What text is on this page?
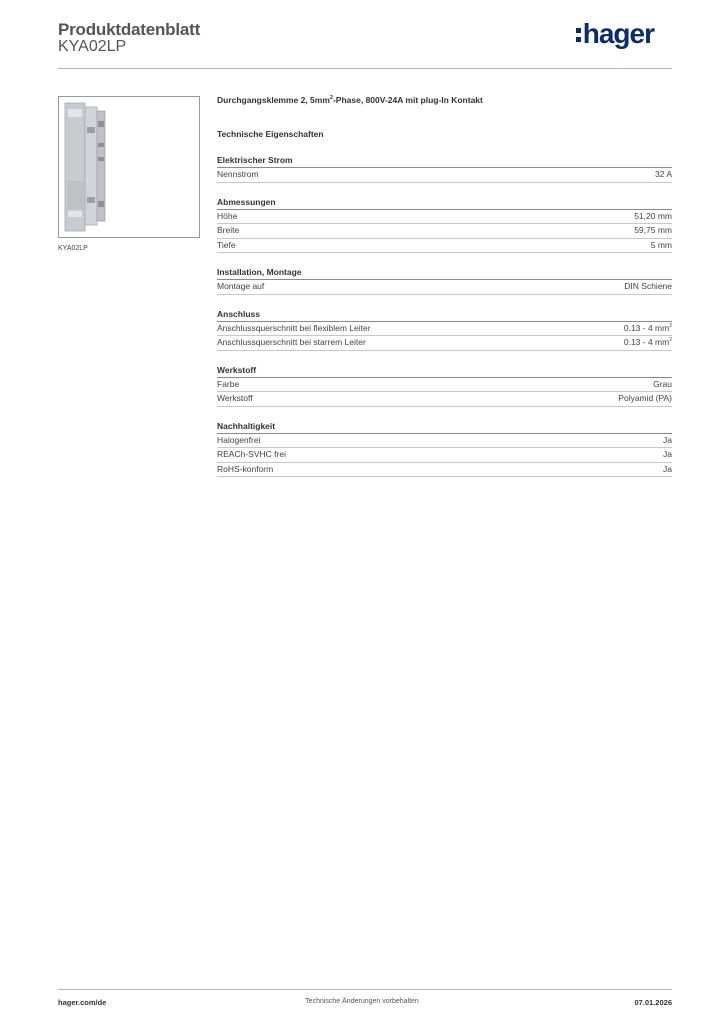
Produktdatenblatt
KYA02LP	hager
KYA02LP
Durchgangsklemme 2, $5mm^2$-Phase, 800V-24A mit plug-In Kontakt
Technische Eigenschaften
Elektrischer Strom
Nennstrom	32 A
Abmessungen
Höhe	51,20 mm
Breite	59,75 mm
Tiefe	5 mm
Installation, Montage
Montage auf	DIN Schiene
Anschluss
Anschlussquerschnitt bei flexiblem Leiter	0.13 - 4 $mm^2$
Anschlussquerschnitt bei starrem Leiter	0.13 - 4 $mm^2$
Werkstoff
Farbe	Grau
Werkstoff	Polyamid (PA)
Nachhaltigkeit
Halogenfrei	Ja
REACh-SVHC frei	Ja
RoHS-konform	Ja
hager.com/de	Technische Änderungen vorbehalten	07.01.2026
